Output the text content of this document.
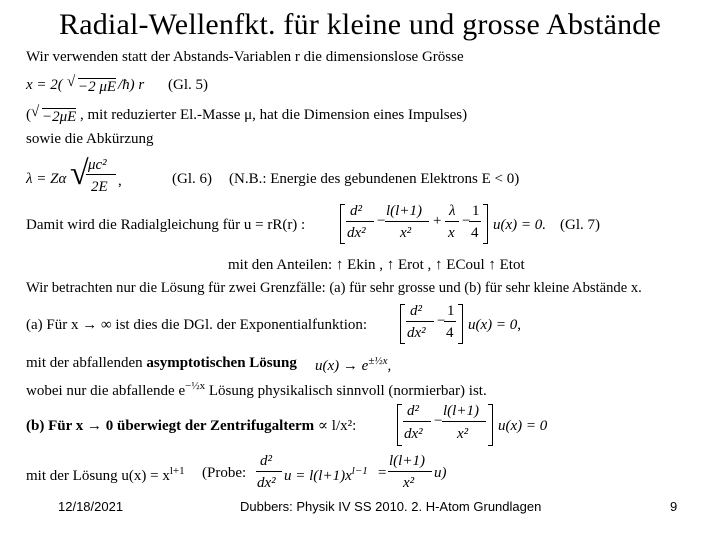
Radial-Wellenfkt. für kleine und grosse Abstände
Wir verwenden statt der Abstands-Variablen r die dimensionslose Grösse
x = 2( √ −2 μE /ħ) r (Gl. 5)
( √ −2μE , mit reduzierter El.-Masse μ, hat die Dimension eines Impulses)
sowie die Abkürzung
λ = Zα √ μc²
2E ,	(Gl. 6) (N.B.: Energie des gebundenen Elektrons E < 0)
Damit wird die Radialgleichung für u = rR(r) :
d²
dx²
−
l(l+1)
x²
+
λ
x
−
1
4 u(x) = 0. (Gl. 7)
mit den Anteilen: ↑ Ekin , ↑ Erot , ↑ ECoul ↑ Etot
Wir betrachten nur die Lösung für zwei Grenzfälle: (a) für sehr grosse und (b) für sehr kleine Abstände x.
(a) Für x → ∞ ist dies die DGl. der Exponentialfunktion:
d²
dx²
−
1
4 u(x) = 0,
mit der abfallenden asymptotischen Lösung $u(x) \to e^{\pm\frac{1}{2}x}$,
wobei nur die abfallende $e^{-\frac{1}{2}x}$ Lösung physikalisch sinnvoll (normierbar) ist.
(b) Für x → 0 überwiegt der Zentrifugalterm ∝ l/x²:
d²
dx²
−
l(l+1)
x² u(x) = 0
mit der Lösung $u(x) = x^{l+1}$ (Probe:
d²
dx² $u = l(l+1)x^{l-1}$ =
l(l+1)
x²
u)
12/18/2021	Dubbers: Physik IV SS 2010. 2. H-Atom Grundlagen	9
